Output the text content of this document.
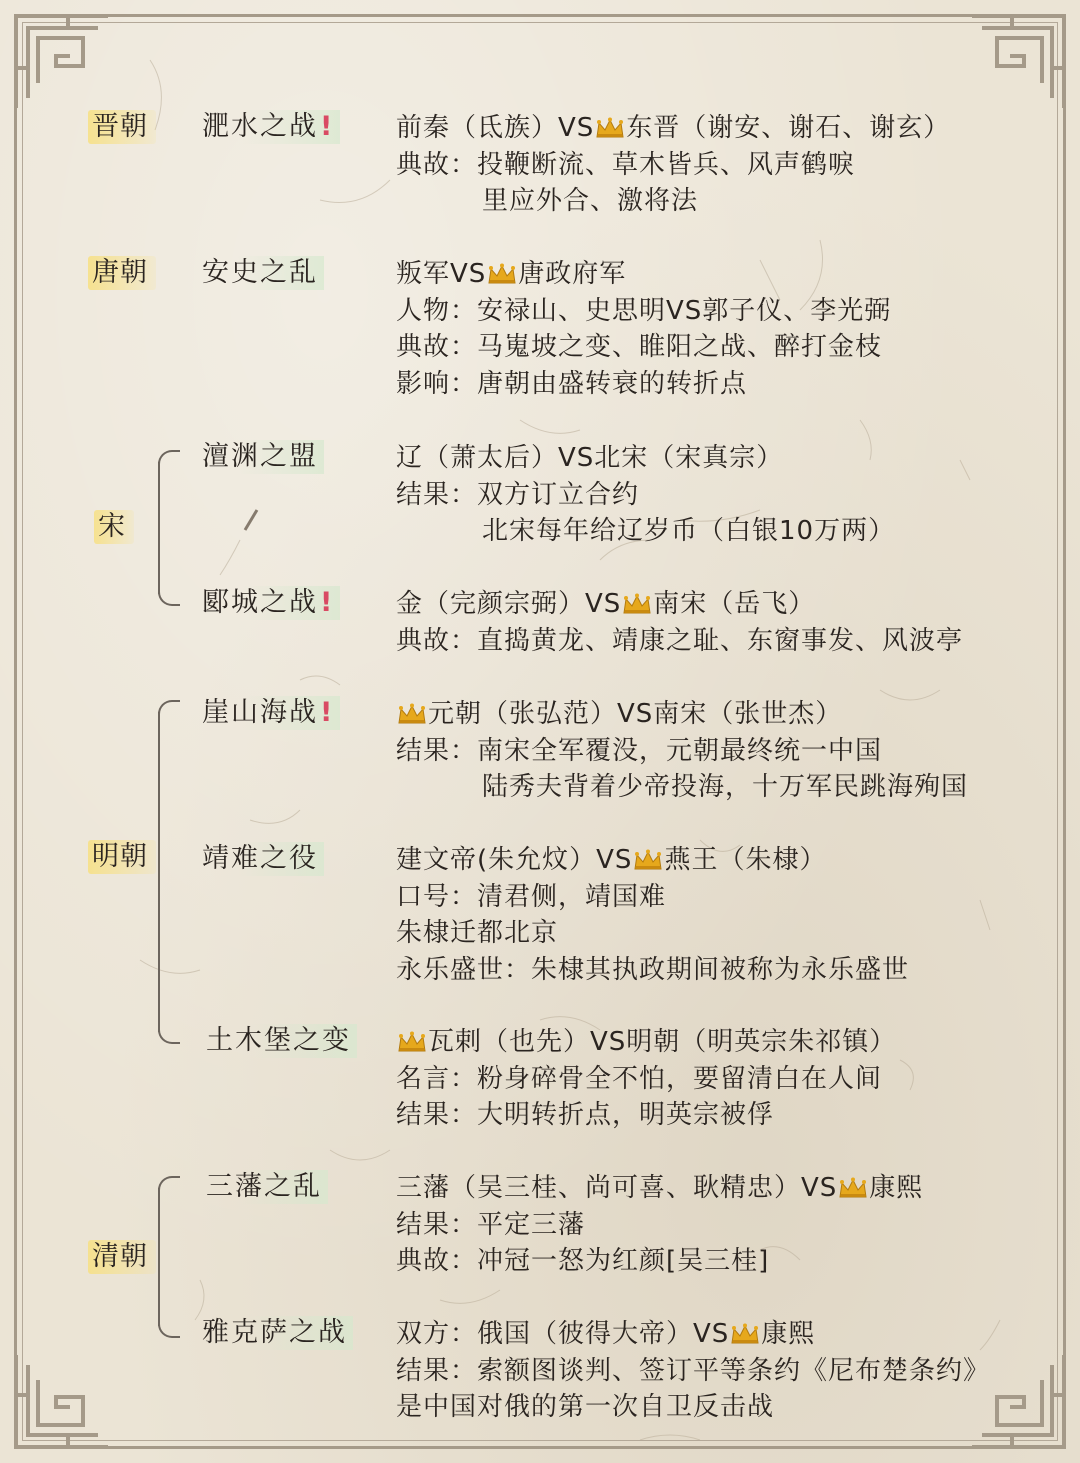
晋朝
唐朝
宋
明朝
清朝
淝水之战!
安史之乱
澶渊之盟
郾城之战!
崖山海战!
靖难之役
土木堡之变
三藩之乱
雅克萨之战
前秦（氐族）VS 东晋（谢安、谢石、谢玄）
典故：投鞭断流、草木皆兵、风声鹤唳
里应外合、激将法
叛军VS 唐政府军
人物：安禄山、史思明VS郭子仪、李光弼
典故：马嵬坡之变、睢阳之战、醉打金枝
影响：唐朝由盛转衰的转折点
辽（萧太后）VS北宋（宋真宗）
结果：双方订立合约
北宋每年给辽岁币（白银10万两）
金（完颜宗弼）VS 南宋（岳飞）
典故：直捣黄龙、靖康之耻、东窗事发、风波亭
元朝（张弘范）VS南宋（张世杰）
结果：南宋全军覆没，元朝最终统一中国
陆秀夫背着少帝投海，十万军民跳海殉国
建文帝(朱允炆）VS 燕王（朱棣）
口号：清君侧，靖国难
朱棣迁都北京
永乐盛世：朱棣其执政期间被称为永乐盛世
瓦剌（也先）VS明朝（明英宗朱祁镇）
名言：粉身碎骨全不怕，要留清白在人间
结果：大明转折点，明英宗被俘
三藩（吴三桂、尚可喜、耿精忠）VS 康熙
结果：平定三藩
典故：冲冠一怒为红颜[吴三桂]
双方：俄国（彼得大帝）VS 康熙
结果：索额图谈判、签订平等条约《尼布楚条约》
是中国对俄的第一次自卫反击战
